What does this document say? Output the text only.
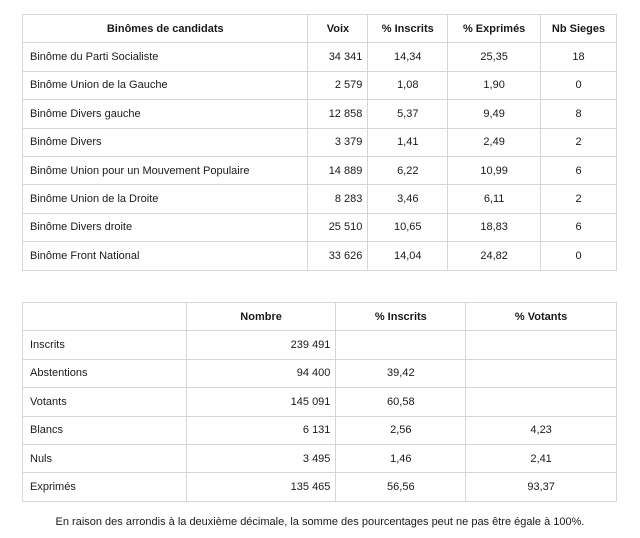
Binômes de candidats	Voix	% Inscrits	% Exprimés	Nb Sieges
Binôme du Parti Socialiste	34 341	14,34	25,35	18
Binôme Union de la Gauche	2 579	1,08	1,90	0
Binôme Divers gauche	12 858	5,37	9,49	8
Binôme Divers	3 379	1,41	2,49	2
Binôme Union pour un Mouvement Populaire	14 889	6,22	10,99	6
Binôme Union de la Droite	8 283	3,46	6,11	2
Binôme Divers droite	25 510	10,65	18,83	6
Binôme Front National	33 626	14,04	24,82	0
	Nombre	% Inscrits	% Votants
Inscrits	239 491		
Abstentions	94 400	39,42	
Votants	145 091	60,58	
Blancs	6 131	2,56	4,23
Nuls	3 495	1,46	2,41
Exprimés	135 465	56,56	93,37

En raison des arrondis à la deuxième décimale, la somme des pourcentages peut ne pas être égale à 100%.
